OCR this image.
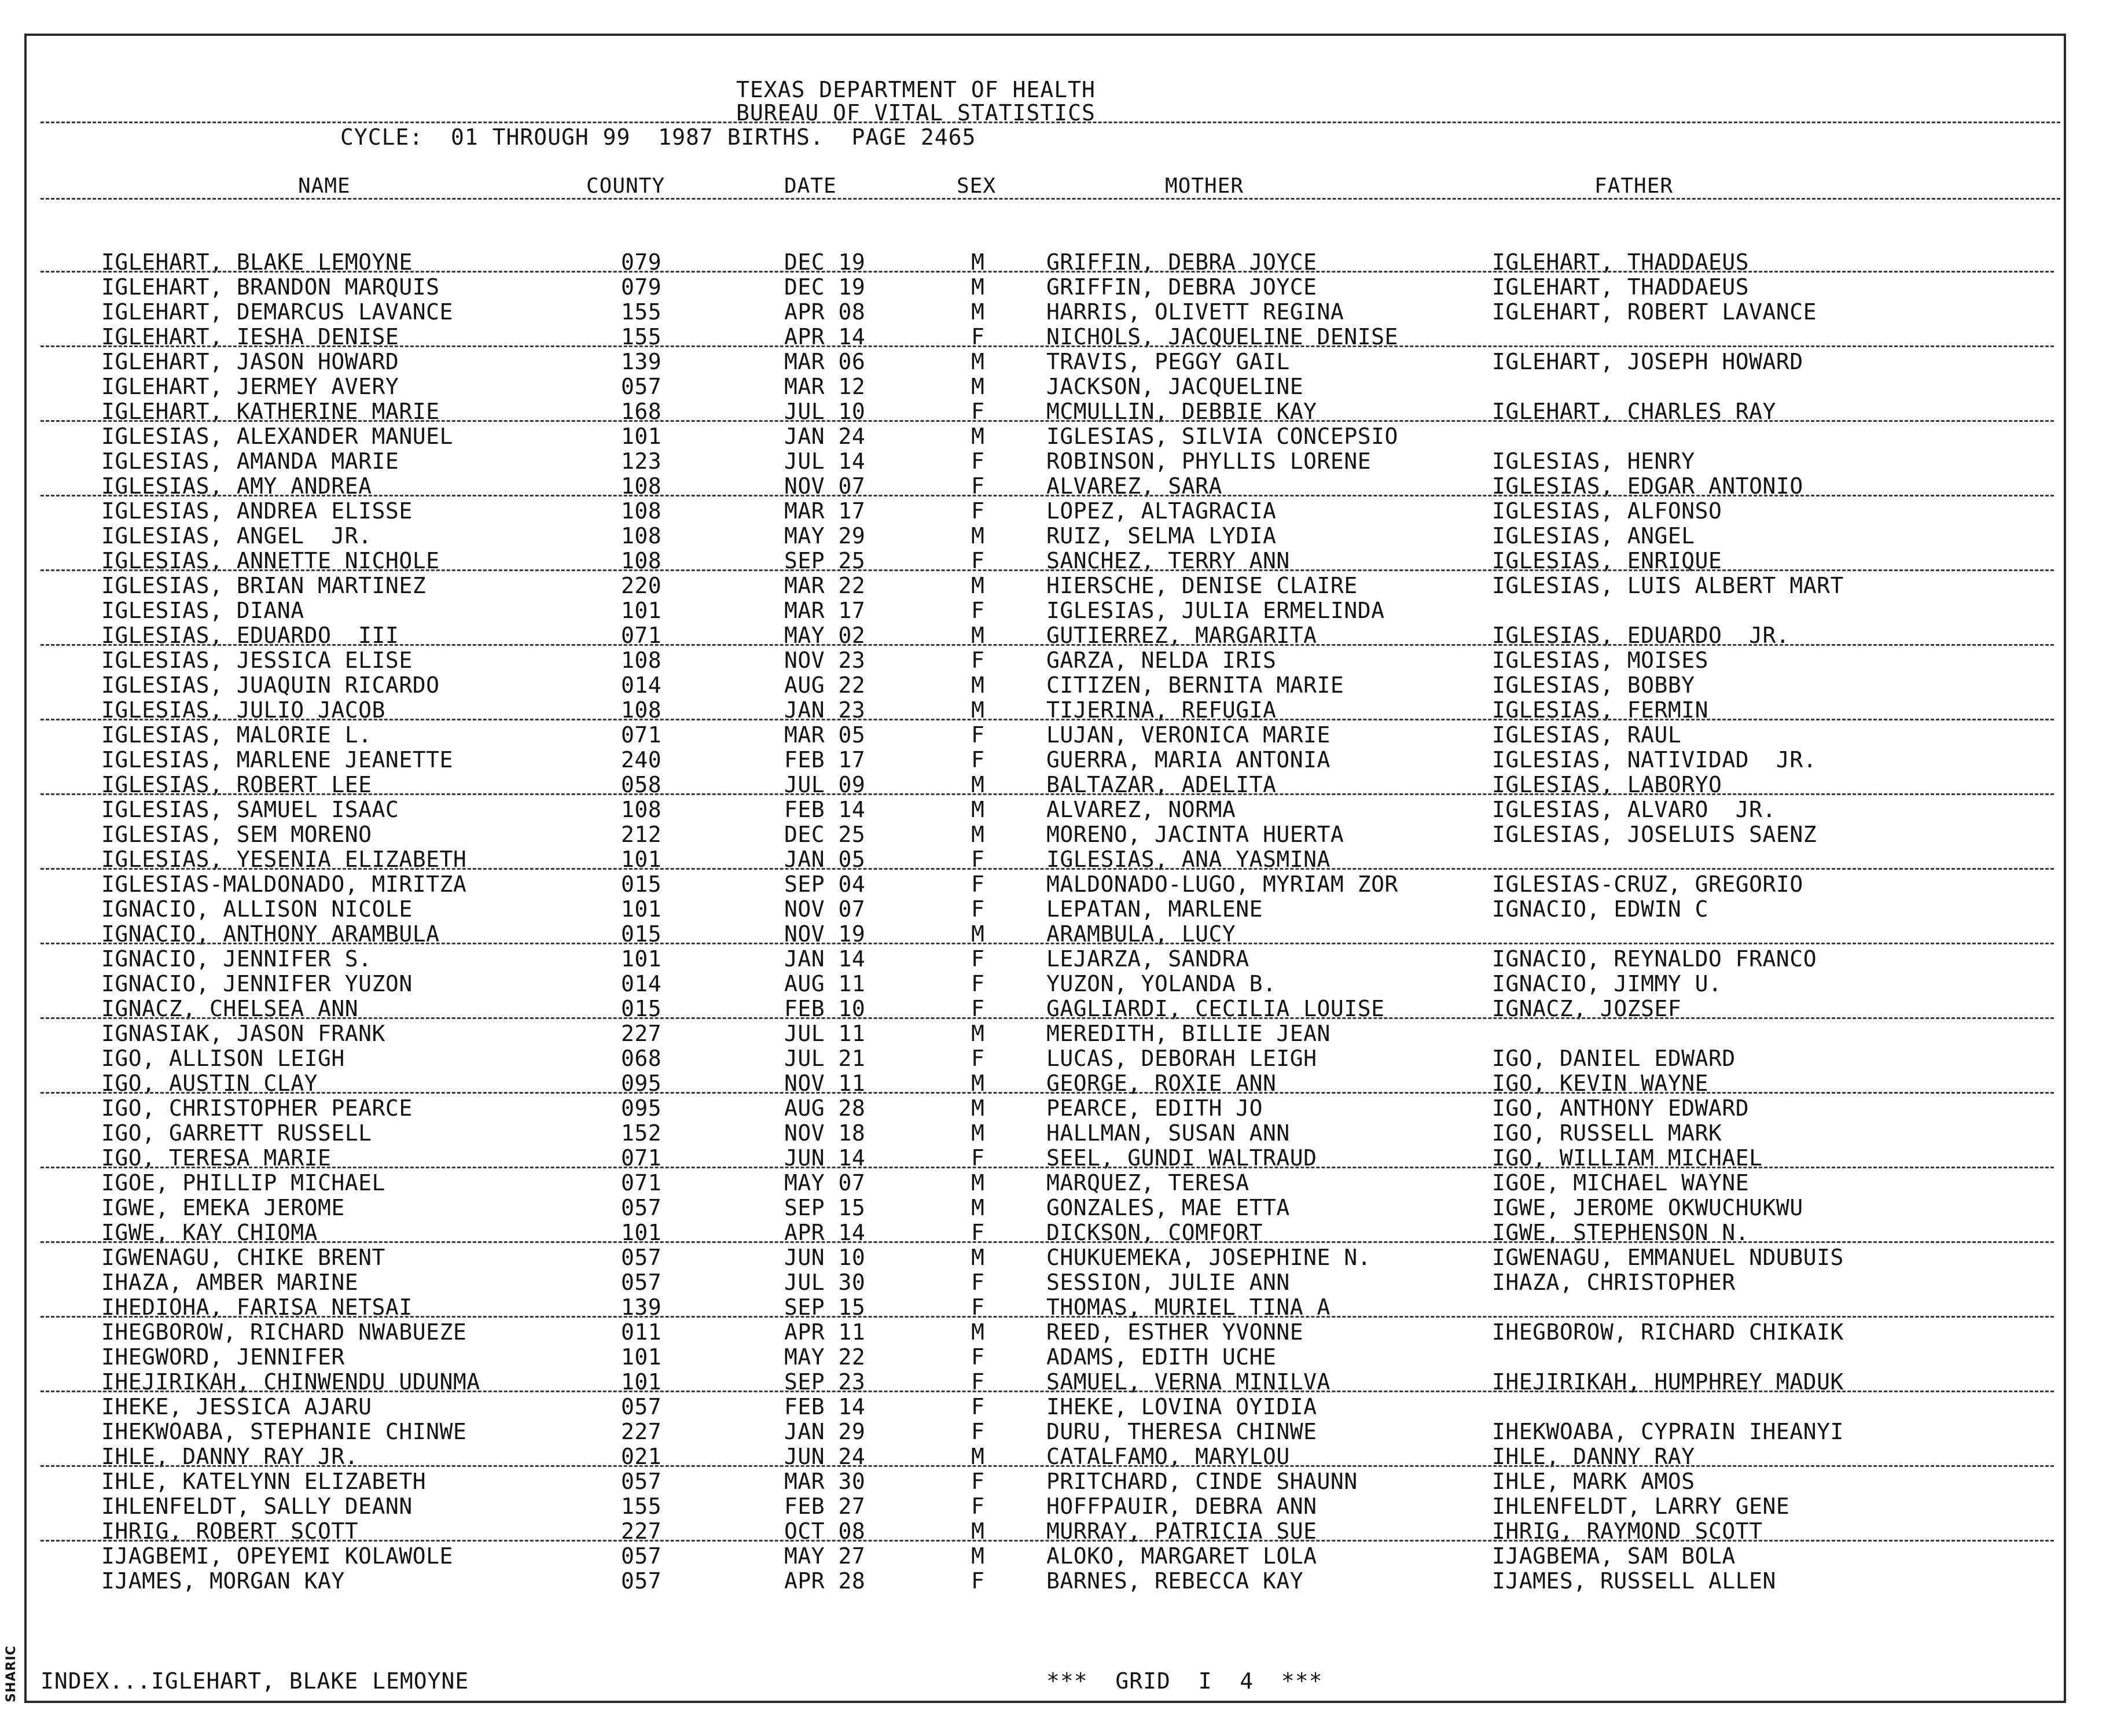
TEXAS DEPARTMENT OF HEALTH
BUREAU OF VITAL STATISTICS
CYCLE:  01 THROUGH 99  1987 BIRTHS.  PAGE 2465
NAME	COUNTY	DATE	SEX	MOTHER	FATHER
IGLEHART, BLAKE LEMOYNE	079	DEC 19	M	GRIFFIN, DEBRA JOYCE	IGLEHART, THADDAEUS
IGLEHART, BRANDON MARQUIS	079	DEC 19	M	GRIFFIN, DEBRA JOYCE	IGLEHART, THADDAEUS
IGLEHART, DEMARCUS LAVANCE	155	APR 08	M	HARRIS, OLIVETT REGINA	IGLEHART, ROBERT LAVANCE
IGLEHART, IESHA DENISE	155	APR 14	F	NICHOLS, JACQUELINE DENISE
IGLEHART, JASON HOWARD	139	MAR 06	M	TRAVIS, PEGGY GAIL	IGLEHART, JOSEPH HOWARD
IGLEHART, JERMEY AVERY	057	MAR 12	M	JACKSON, JACQUELINE
IGLEHART, KATHERINE MARIE	168	JUL 10	F	MCMULLIN, DEBBIE KAY	IGLEHART, CHARLES RAY
IGLESIAS, ALEXANDER MANUEL	101	JAN 24	M	IGLESIAS, SILVIA CONCEPSIO
IGLESIAS, AMANDA MARIE	123	JUL 14	F	ROBINSON, PHYLLIS LORENE	IGLESIAS, HENRY
IGLESIAS, AMY ANDREA	108	NOV 07	F	ALVAREZ, SARA	IGLESIAS, EDGAR ANTONIO
IGLESIAS, ANDREA ELISSE	108	MAR 17	F	LOPEZ, ALTAGRACIA	IGLESIAS, ALFONSO
IGLESIAS, ANGEL  JR.	108	MAY 29	M	RUIZ, SELMA LYDIA	IGLESIAS, ANGEL
IGLESIAS, ANNETTE NICHOLE	108	SEP 25	F	SANCHEZ, TERRY ANN	IGLESIAS, ENRIQUE
IGLESIAS, BRIAN MARTINEZ	220	MAR 22	M	HIERSCHE, DENISE CLAIRE	IGLESIAS, LUIS ALBERT MART
IGLESIAS, DIANA	101	MAR 17	F	IGLESIAS, JULIA ERMELINDA
IGLESIAS, EDUARDO  III	071	MAY 02	M	GUTIERREZ, MARGARITA	IGLESIAS, EDUARDO  JR.
IGLESIAS, JESSICA ELISE	108	NOV 23	F	GARZA, NELDA IRIS	IGLESIAS, MOISES
IGLESIAS, JUAQUIN RICARDO	014	AUG 22	M	CITIZEN, BERNITA MARIE	IGLESIAS, BOBBY
IGLESIAS, JULIO JACOB	108	JAN 23	M	TIJERINA, REFUGIA	IGLESIAS, FERMIN
IGLESIAS, MALORIE L.	071	MAR 05	F	LUJAN, VERONICA MARIE	IGLESIAS, RAUL
IGLESIAS, MARLENE JEANETTE	240	FEB 17	F	GUERRA, MARIA ANTONIA	IGLESIAS, NATIVIDAD  JR.
IGLESIAS, ROBERT LEE	058	JUL 09	M	BALTAZAR, ADELITA	IGLESIAS, LABORYO
IGLESIAS, SAMUEL ISAAC	108	FEB 14	M	ALVAREZ, NORMA	IGLESIAS, ALVARO  JR.
IGLESIAS, SEM MORENO	212	DEC 25	M	MORENO, JACINTA HUERTA	IGLESIAS, JOSELUIS SAENZ
IGLESIAS, YESENIA ELIZABETH	101	JAN 05	F	IGLESIAS, ANA YASMINA
IGLESIAS-MALDONADO, MIRITZA	015	SEP 04	F	MALDONADO-LUGO, MYRIAM ZOR	IGLESIAS-CRUZ, GREGORIO
IGNACIO, ALLISON NICOLE	101	NOV 07	F	LEPATAN, MARLENE	IGNACIO, EDWIN C
IGNACIO, ANTHONY ARAMBULA	015	NOV 19	M	ARAMBULA, LUCY
IGNACIO, JENNIFER S.	101	JAN 14	F	LEJARZA, SANDRA	IGNACIO, REYNALDO FRANCO
IGNACIO, JENNIFER YUZON	014	AUG 11	F	YUZON, YOLANDA B.	IGNACIO, JIMMY U.
IGNACZ, CHELSEA ANN	015	FEB 10	F	GAGLIARDI, CECILIA LOUISE	IGNACZ, JOZSEF
IGNASIAK, JASON FRANK	227	JUL 11	M	MEREDITH, BILLIE JEAN
IGO, ALLISON LEIGH	068	JUL 21	F	LUCAS, DEBORAH LEIGH	IGO, DANIEL EDWARD
IGO, AUSTIN CLAY	095	NOV 11	M	GEORGE, ROXIE ANN	IGO, KEVIN WAYNE
IGO, CHRISTOPHER PEARCE	095	AUG 28	M	PEARCE, EDITH JO	IGO, ANTHONY EDWARD
IGO, GARRETT RUSSELL	152	NOV 18	M	HALLMAN, SUSAN ANN	IGO, RUSSELL MARK
IGO, TERESA MARIE	071	JUN 14	F	SEEL, GUNDI WALTRAUD	IGO, WILLIAM MICHAEL
IGOE, PHILLIP MICHAEL	071	MAY 07	M	MARQUEZ, TERESA	IGOE, MICHAEL WAYNE
IGWE, EMEKA JEROME	057	SEP 15	M	GONZALES, MAE ETTA	IGWE, JEROME OKWUCHUKWU
IGWE, KAY CHIOMA	101	APR 14	F	DICKSON, COMFORT	IGWE, STEPHENSON N.
IGWENAGU, CHIKE BRENT	057	JUN 10	M	CHUKUEMEKA, JOSEPHINE N.	IGWENAGU, EMMANUEL NDUBUIS
IHAZA, AMBER MARINE	057	JUL 30	F	SESSION, JULIE ANN	IHAZA, CHRISTOPHER
IHEDIOHA, FARISA NETSAI	139	SEP 15	F	THOMAS, MURIEL TINA A
IHEGBOROW, RICHARD NWABUEZE	011	APR 11	M	REED, ESTHER YVONNE	IHEGBOROW, RICHARD CHIKAIK
IHEGWORD, JENNIFER	101	MAY 22	F	ADAMS, EDITH UCHE
IHEJIRIKAH, CHINWENDU UDUNMA	101	SEP 23	F	SAMUEL, VERNA MINILVA	IHEJIRIKAH, HUMPHREY MADUK
IHEKE, JESSICA AJARU	057	FEB 14	F	IHEKE, LOVINA OYIDIA
IHEKWOABA, STEPHANIE CHINWE	227	JAN 29	F	DURU, THERESA CHINWE	IHEKWOABA, CYPRAIN IHEANYI
IHLE, DANNY RAY JR.	021	JUN 24	M	CATALFAMO, MARYLOU	IHLE, DANNY RAY
IHLE, KATELYNN ELIZABETH	057	MAR 30	F	PRITCHARD, CINDE SHAUNN	IHLE, MARK AMOS
IHLENFELDT, SALLY DEANN	155	FEB 27	F	HOFFPAUIR, DEBRA ANN	IHLENFELDT, LARRY GENE
IHRIG, ROBERT SCOTT	227	OCT 08	M	MURRAY, PATRICIA SUE	IHRIG, RAYMOND SCOTT
IJAGBEMI, OPEYEMI KOLAWOLE	057	MAY 27	M	ALOKO, MARGARET LOLA	IJAGBEMA, SAM BOLA
IJAMES, MORGAN KAY	057	APR 28	F	BARNES, REBECCA KAY	IJAMES, RUSSELL ALLEN
INDEX...IGLEHART, BLAKE LEMOYNE	***  GRID  I  4  ***
SHARIC
